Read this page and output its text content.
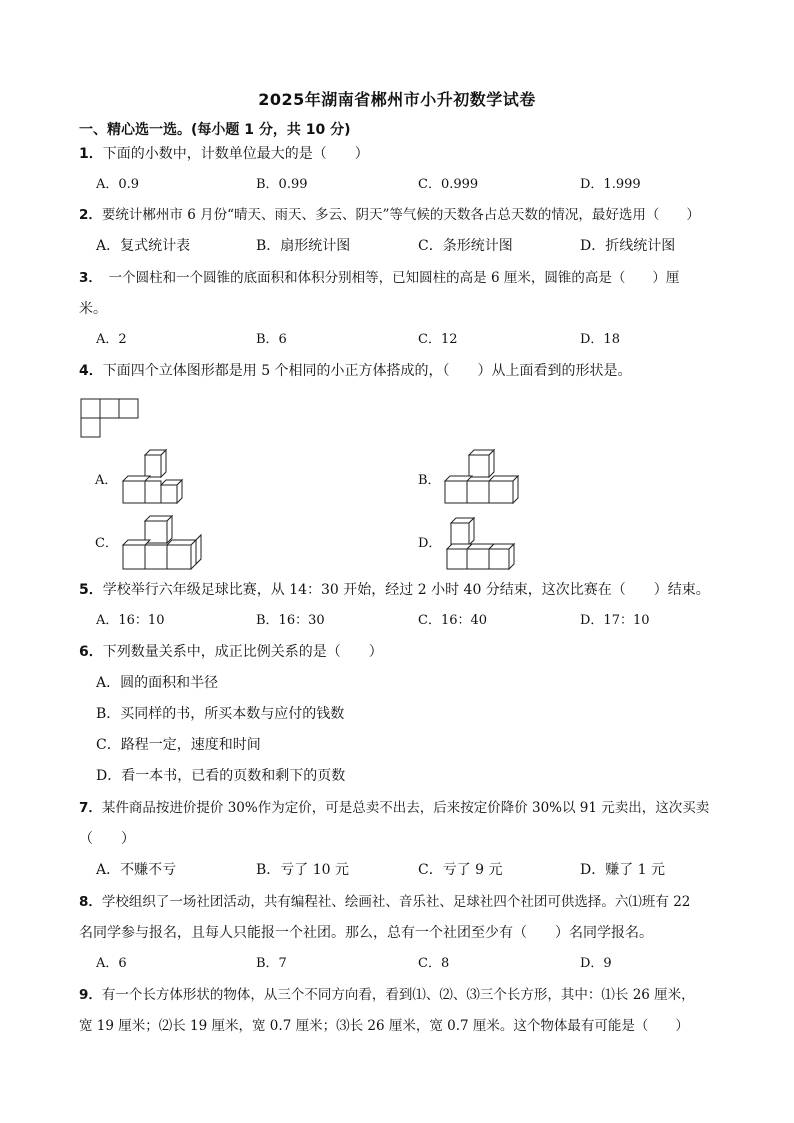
2025年湖南省郴州市小升初数学试卷
一、精心选一选。(每小题 1 分，共 10 分)
1．下面的小数中，计数单位最大的是（　　）
A．0.9	B．0.99	C．0.999	D．1.999
2．要统计郴州市 6 月份“晴天、雨天、多云、阴天”等气候的天数各占总天数的情况，最好选用（　　）
A．复式统计表	B．扇形统计图	C．条形统计图	D．折线统计图
3．　一个圆柱和一个圆锥的底面积和体积分别相等，已知圆柱的高是 6 厘米，圆锥的高是（　　）厘
米。
A．2	B．6	C．12	D．18
4．下面四个立体图形都是用 5 个相同的小正方体搭成的，（　　）从上面看到的形状是。
A．	B．
C．	D．
5．学校举行六年级足球比赛，从 14：30 开始，经过 2 小时 40 分结束，这次比赛在（　　）结束。
A．16：10	B．16：30	C．16：40	D．17：10
6．下列数量关系中，成正比例关系的是（　　）
A．圆的面积和半径
B．买同样的书，所买本数与应付的钱数
C．路程一定，速度和时间
D．看一本书，已看的页数和剩下的页数
7．某件商品按进价提价 30%作为定价，可是总卖不出去，后来按定价降价 30%以 91 元卖出，这次买卖
（　　）
A．不赚不亏	B．亏了 10 元	C．亏了 9 元	D．赚了 1 元
8．学校组织了一场社团活动，共有编程社、绘画社、音乐社、足球社四个社团可供选择。六⑴班有 22
名同学参与报名，且每人只能报一个社团。那么，总有一个社团至少有（　　）名同学报名。
A．6	B．7	C．8	D．9
9．有一个长方体形状的物体，从三个不同方向看，看到⑴、⑵、⑶三个长方形，其中：⑴长 26 厘米，
宽 19 厘米；⑵长 19 厘米，宽 0.7 厘米；⑶长 26 厘米，宽 0.7 厘米。这个物体最有可能是（　　）
